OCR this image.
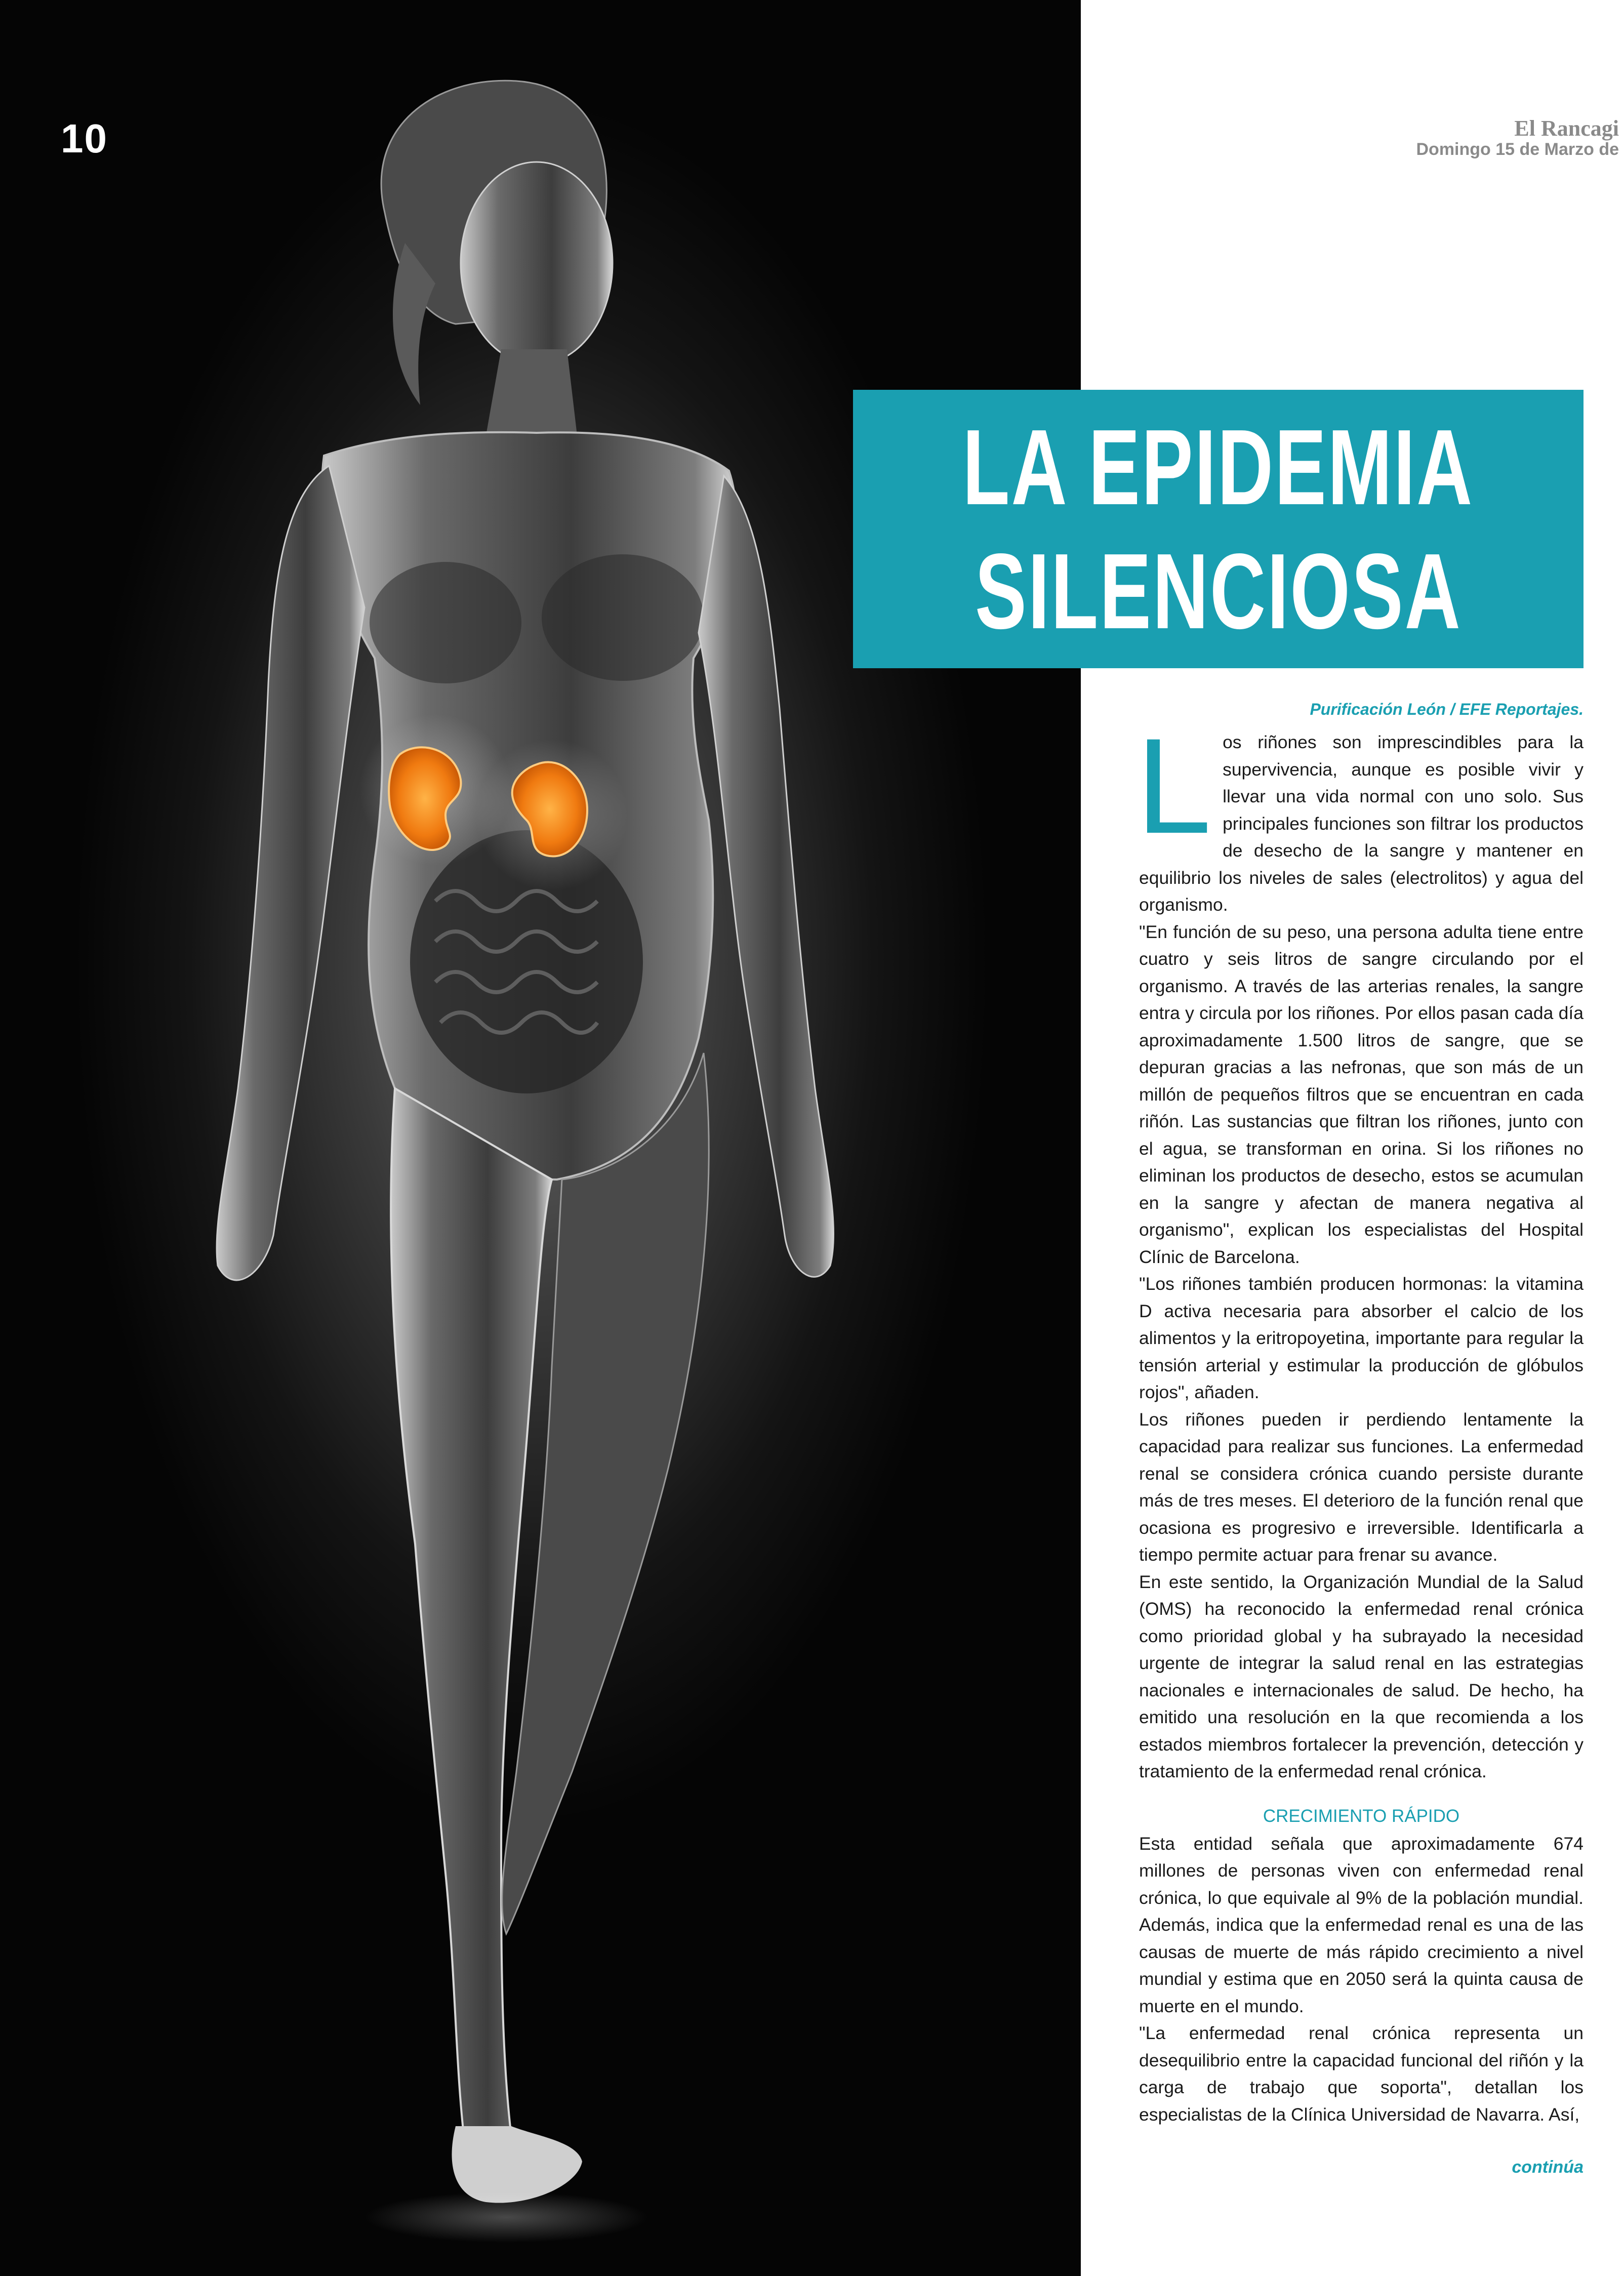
10	El Rancagi
Domingo 15 de Marzo de
LA EPIDEMIA
SILENCIOSA
Purificación León / EFE Reportajes.
L os riñones son imprescindibles para la supervivencia, aunque es posible vivir y llevar una vida normal con uno solo. Sus principales funciones son filtrar los productos de desecho de la sangre y mantener en equilibrio los niveles de sales (electrolitos) y agua del organismo.

"En función de su peso, una persona adulta tiene entre cuatro y seis litros de sangre circulando por el organismo. A través de las arterias renales, la sangre entra y circula por los riñones. Por ellos pasan cada día aproximadamente 1.500 litros de sangre, que se depuran gracias a las nefronas, que son más de un millón de pequeños filtros que se encuentran en cada riñón. Las sustancias que filtran los riñones, junto con el agua, se transforman en orina. Si los riñones no eliminan los productos de desecho, estos se acumulan en la sangre y afectan de manera negativa al organismo", explican los especialistas del Hospital Clínic de Barcelona.

"Los riñones también producen hormonas: la vitamina D activa necesaria para absorber el calcio de los alimentos y la eritropoyetina, importante para regular la tensión arterial y estimular la producción de glóbulos rojos", añaden.

Los riñones pueden ir perdiendo lentamente la capacidad para realizar sus funciones. La enfermedad renal se considera crónica cuando persiste durante más de tres meses. El deterioro de la función renal que ocasiona es progresivo e irreversible. Identificarla a tiempo permite actuar para frenar su avance.

En este sentido, la Organización Mundial de la Salud (OMS) ha reconocido la enfermedad renal crónica como prioridad global y ha subrayado la necesidad urgente de integrar la salud renal en las estrategias nacionales e internacionales de salud. De hecho, ha emitido una resolución en la que recomienda a los estados miembros fortalecer la prevención, detección y tratamiento de la enfermedad renal crónica.

CRECIMIENTO RÁPIDO

Esta entidad señala que aproximadamente 674 millones de personas viven con enfermedad renal crónica, lo que equivale al 9% de la población mundial. Además, indica que la enfermedad renal es una de las causas de muerte de más rápido crecimiento a nivel mundial y estima que en 2050 será la quinta causa de muerte en el mundo.

"La enfermedad renal crónica representa un desequilibrio entre la capacidad funcional del riñón y la carga de trabajo que soporta", detallan los especialistas de la Clínica Universidad de Navarra. Así,

continúa
